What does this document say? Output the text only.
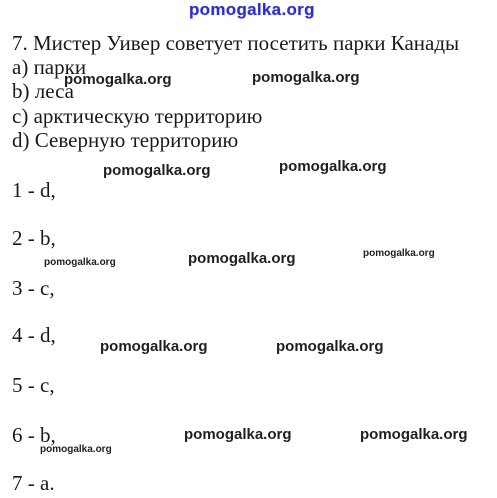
pomogalka.org
7. Мистер Уивер советует посетить парки Канады
a) парки
b) леса
c) арктическую территорию
d) Северную территорию
1 - d,
2 - b,
3 - c,
4 - d,
5 - c,
6 - b,
7 - a.
pomogalka.org	pomogalka.org
pomogalka.org	pomogalka.org
pomogalka.org	pomogalka.org	pomogalka.org
pomogalka.org	pomogalka.org
pomogalka.org	pomogalka.org
pomogalka.org
